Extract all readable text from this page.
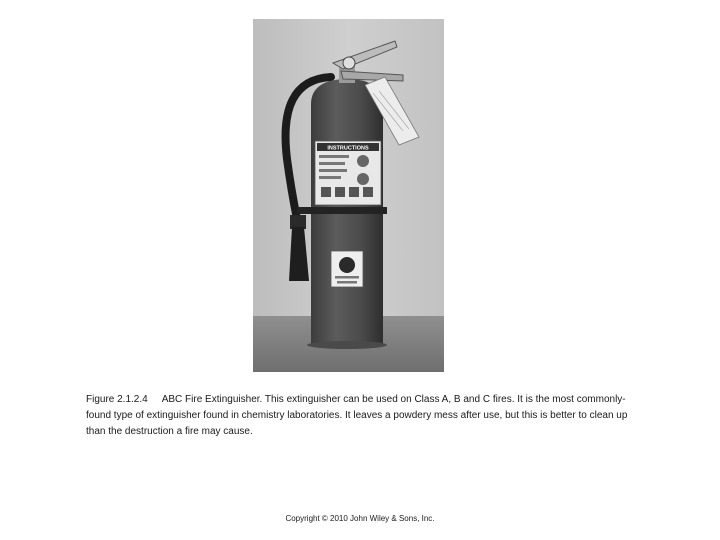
INSTRUCTIONS

Figure 2.1.2.4 ABC Fire Extinguisher. This extinguisher can be used on Class A, B and C fires. It is the most commonly-found type of extinguisher found in chemistry laboratories. It leaves a powdery mess after use, but this is better to clean up than the destruction a fire may cause.

Copyright © 2010 John Wiley & Sons, Inc.
